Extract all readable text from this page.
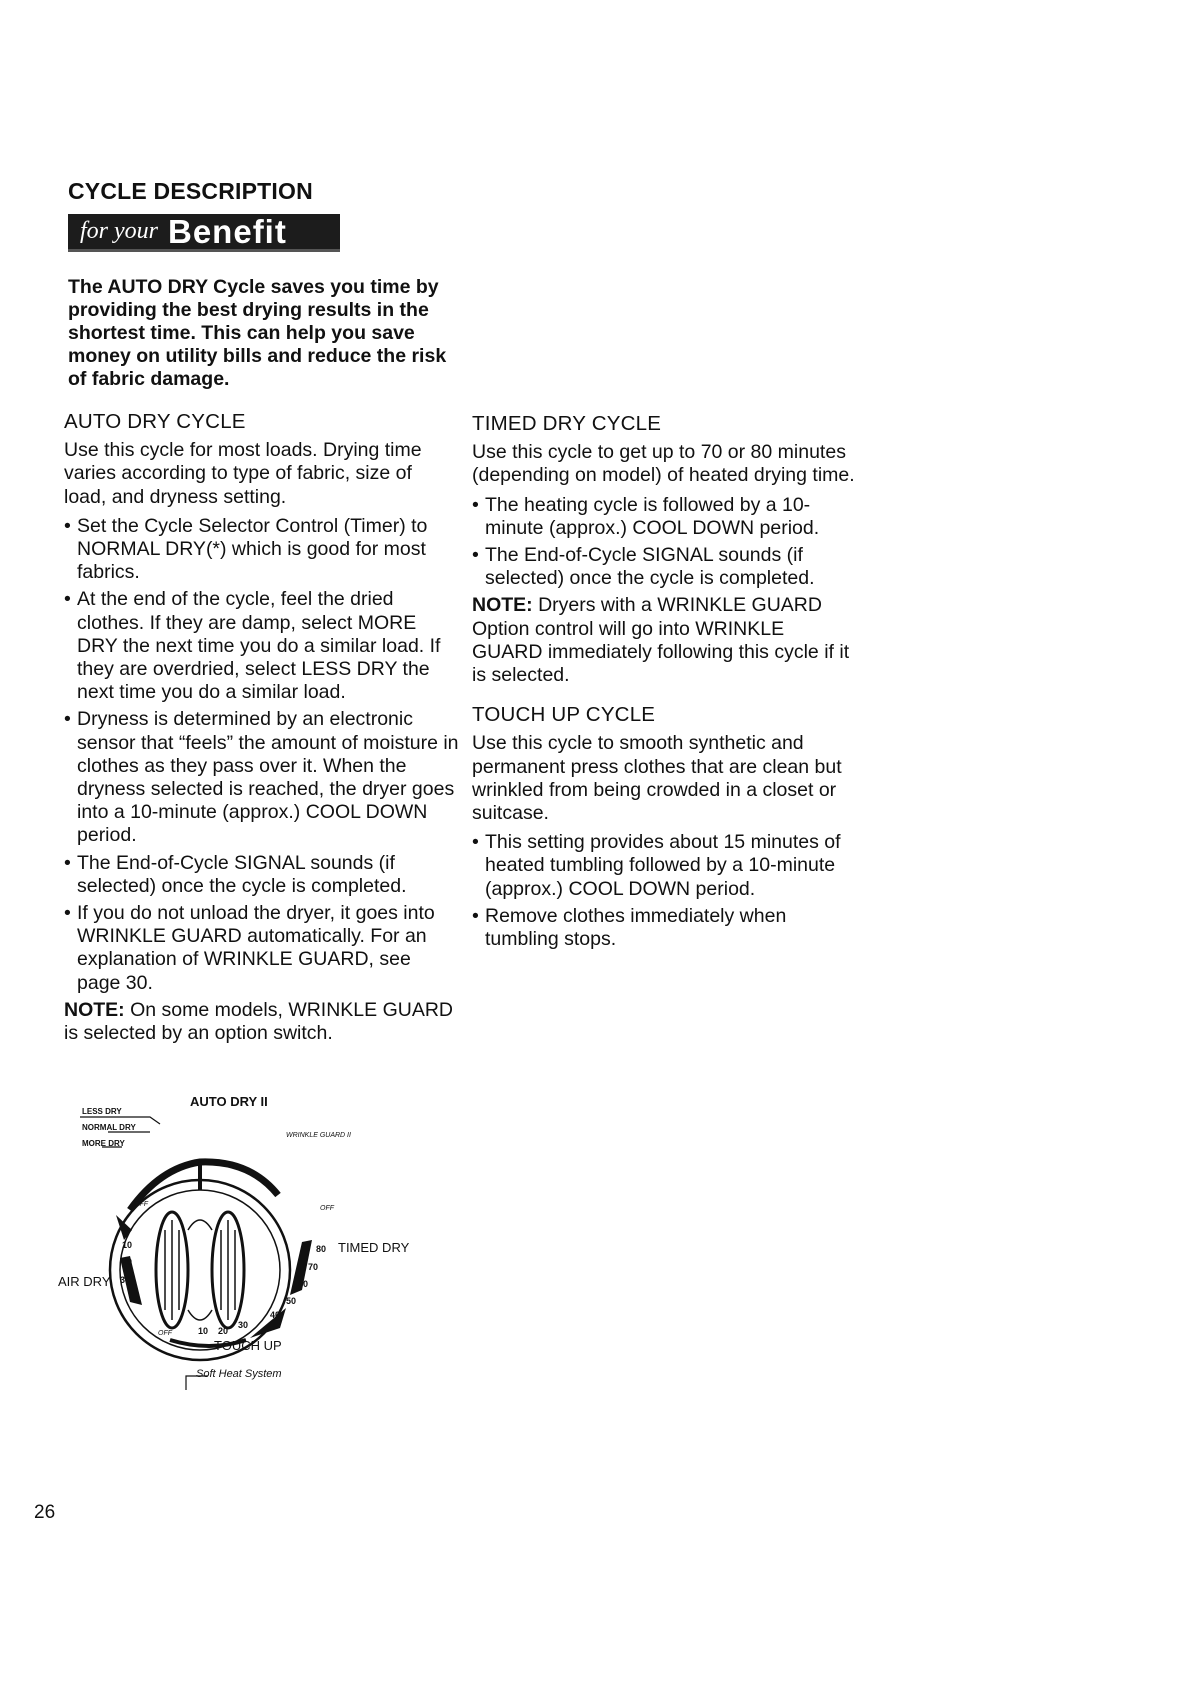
CYCLE DESCRIPTION
for your Benefit
The AUTO DRY Cycle saves you time by providing the best drying results in the shortest time. This can help you save money on utility bills and reduce the risk of fabric damage.
AUTO DRY CYCLE

Use this cycle for most loads. Drying time varies according to type of fabric, size of load, and dryness setting.

• Set the Cycle Selector Control (Timer) to NORMAL DRY(*) which is good for most fabrics.
• At the end of the cycle, feel the dried clothes. If they are damp, select MORE DRY the next time you do a similar load. If they are overdried, select LESS DRY the next time you do a similar load.
• Dryness is determined by an electronic sensor that “feels” the amount of moisture in clothes as they pass over it. When the dryness selected is reached, the dryer goes into a 10-minute (approx.) COOL DOWN period.
• The End-of-Cycle SIGNAL sounds (if selected) once the cycle is completed.
• If you do not unload the dryer, it goes into WRINKLE GUARD automatically. For an explanation of WRINKLE GUARD, see page 30.

NOTE: On some models, WRINKLE GUARD is selected by an option switch.

TIMED DRY CYCLE

Use this cycle to get up to 70 or 80 minutes (depending on model) of heated drying time.

• The heating cycle is followed by a 10-minute (approx.) COOL DOWN period.
• The End-of-Cycle SIGNAL sounds (if selected) once the cycle is completed.

NOTE: Dryers with a WRINKLE GUARD Option control will go into WRINKLE GUARD immediately following this cycle if it is selected.

TOUCH UP CYCLE

Use this cycle to smooth synthetic and permanent press clothes that are clean but wrinkled from being crowded in a closet or suitcase.

• This setting provides about 15 minutes of heated tumbling followed by a 10-minute (approx.) COOL DOWN period.
• Remove clothes immediately when tumbling stops.
AUTO DRY II
LESS DRY
NORMAL DRY
MORE DRY
WRINKLE GUARD II
OFF
OFF
OFF
10
20
30
AIR DRY
80
70
60
50
40
30
20
10
TIMED DRY
TOUCH UP
Soft Heat System
26
